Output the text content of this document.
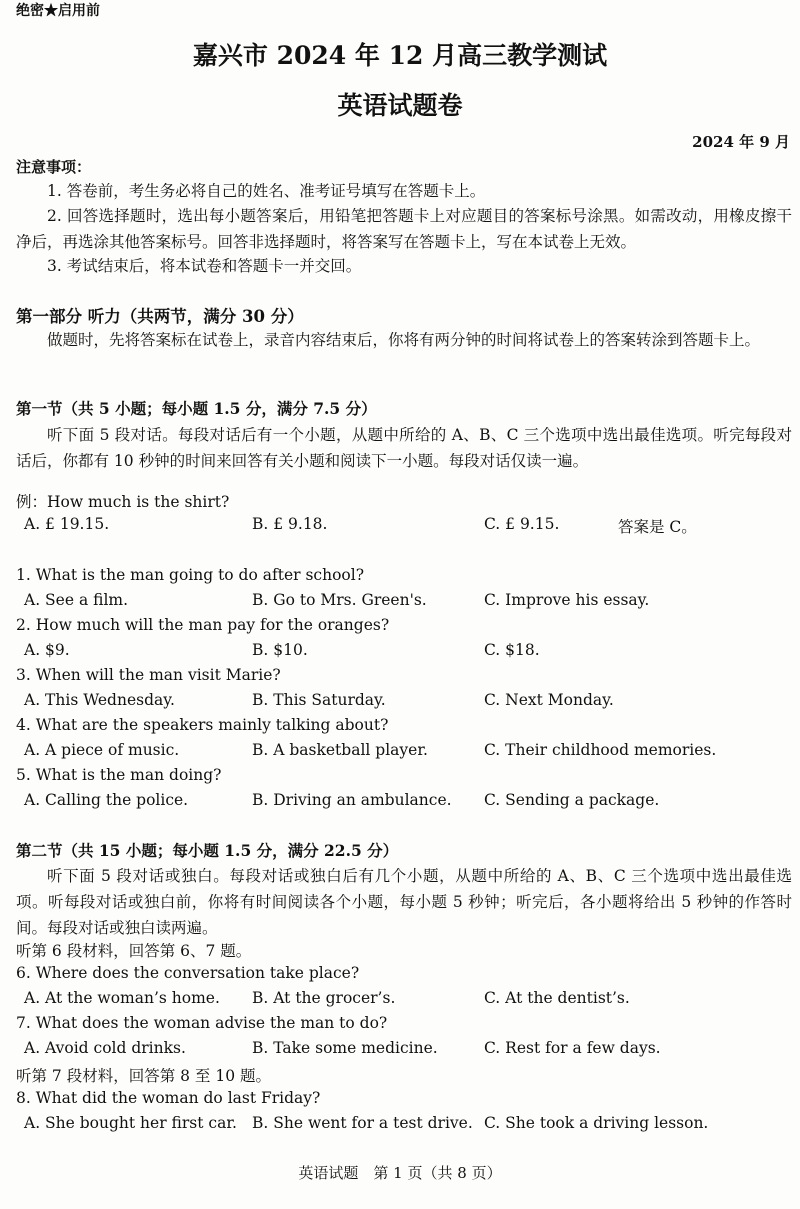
绝密★启用前
嘉兴市 2024 年 12 月高三教学测试
英语试题卷
2024 年 9 月
注意事项：
1. 答卷前，考生务必将自己的姓名、准考证号填写在答题卡上。
2. 回答选择题时，选出每小题答案后，用铅笔把答题卡上对应题目的答案标号涂黑。如需改动，用橡皮擦干净后，再选涂其他答案标号。回答非选择题时，将答案写在答题卡上，写在本试卷上无效。
3. 考试结束后，将本试卷和答题卡一并交回。
第一部分 听力（共两节，满分 30 分）
做题时，先将答案标在试卷上，录音内容结束后，你将有两分钟的时间将试卷上的答案转涂到答题卡上。
第一节（共 5 小题；每小题 1.5 分，满分 7.5 分）
听下面 5 段对话。每段对话后有一个小题，从题中所给的 A、B、C 三个选项中选出最佳选项。听完每段对话后，你都有 10 秒钟的时间来回答有关小题和阅读下一小题。每段对话仅读一遍。
例：How much is the shirt?
A. £ 19.15.	B. £ 9.18.	C. £ 9.15.	答案是 C。
1. What is the man going to do after school?
A. See a film.	B. Go to Mrs. Green's.	C. Improve his essay.
2. How much will the man pay for the oranges?
A. $9.	B. $10.	C. $18.
3. When will the man visit Marie?
A. This Wednesday.	B. This Saturday.	C. Next Monday.
4. What are the speakers mainly talking about?
A. A piece of music.	B. A basketball player.	C. Their childhood memories.
5. What is the man doing?
A. Calling the police.	B. Driving an ambulance. C. Sending a package.
第二节（共 15 小题；每小题 1.5 分，满分 22.5 分）
听下面 5 段对话或独白。每段对话或独白后有几个小题，从题中所给的 A、B、C 三个选项中选出最佳选项。听每段对话或独白前，你将有时间阅读各个小题，每小题 5 秒钟；听完后，各小题将给出 5 秒钟的作答时间。每段对话或独白读两遍。
听第 6 段材料，回答第 6、7 题。
6. Where does the conversation take place?
A. At the woman’s home. B. At the grocer’s.	C. At the dentist’s.
7. What does the woman advise the man to do?
A. Avoid cold drinks.	B. Take some medicine.	C. Rest for a few days.
听第 7 段材料，回答第 8 至 10 题。
8. What did the woman do last Friday?
A. She bought her first car. B. She went for a test drive. C. She took a driving lesson.
英语试题　第 1 页（共 8 页）
